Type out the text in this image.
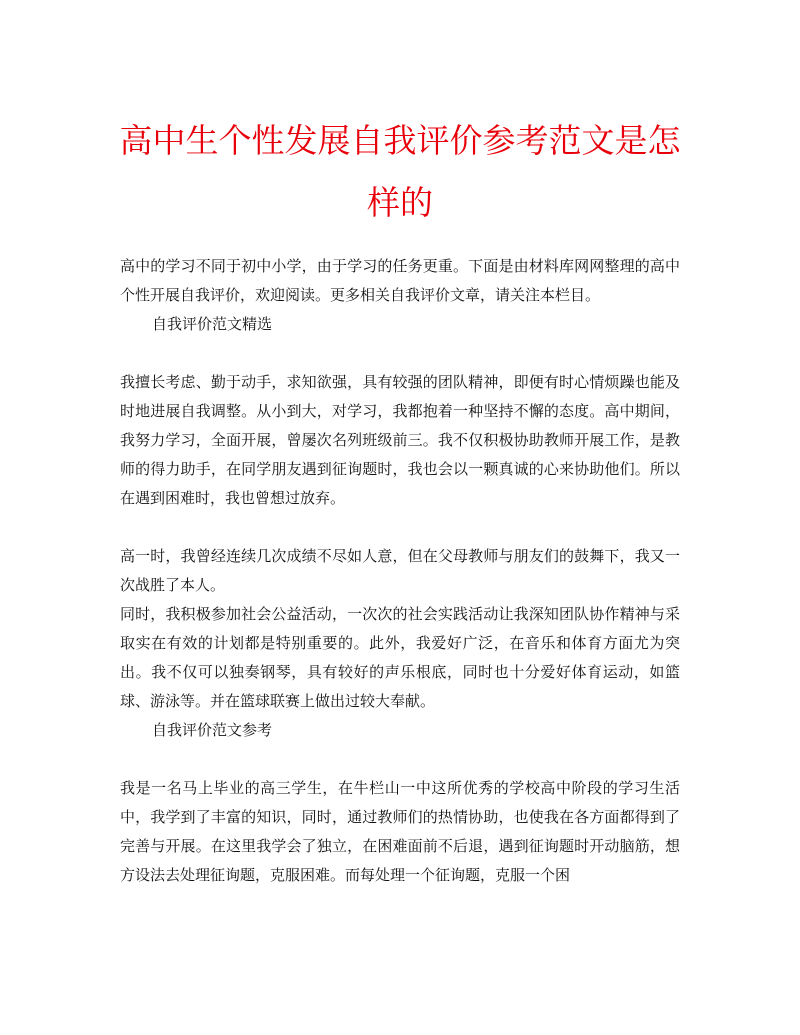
高中生个性发展自我评价参考范文是怎样的

高中的学习不同于初中小学，由于学习的任务更重。下面是由材料库网网整理的高中个性开展自我评价，欢迎阅读。更多相关自我评价文章，请关注本栏目。

自我评价范文精选

我擅长考虑、勤于动手，求知欲强，具有较强的团队精神，即便有时心情烦躁也能及时地进展自我调整。从小到大，对学习，我都抱着一种坚持不懈的态度。高中期间，我努力学习，全面开展，曾屡次名列班级前三。我不仅积极协助教师开展工作，是教师的得力助手，在同学朋友遇到征询题时，我也会以一颗真诚的心来协助他们。所以在遇到困难时，我也曾想过放弃。

高一时，我曾经连续几次成绩不尽如人意，但在父母教师与朋友们的鼓舞下，我又一次战胜了本人。

同时，我积极参加社会公益活动，一次次的社会实践活动让我深知团队协作精神与采取实在有效的计划都是特别重要的。此外，我爱好广泛，在音乐和体育方面尤为突出。我不仅可以独奏钢琴，具有较好的声乐根底，同时也十分爱好体育运动，如篮球、游泳等。并在篮球联赛上做出过较大奉献。

自我评价范文参考

我是一名马上毕业的高三学生，在牛栏山一中这所优秀的学校高中阶段的学习生活中，我学到了丰富的知识，同时，通过教师们的热情协助，也使我在各方面都得到了完善与开展。在这里我学会了独立，在困难面前不后退，遇到征询题时开动脑筋，想方设法去处理征询题，克服困难。而每处理一个征询题，克服一个困
